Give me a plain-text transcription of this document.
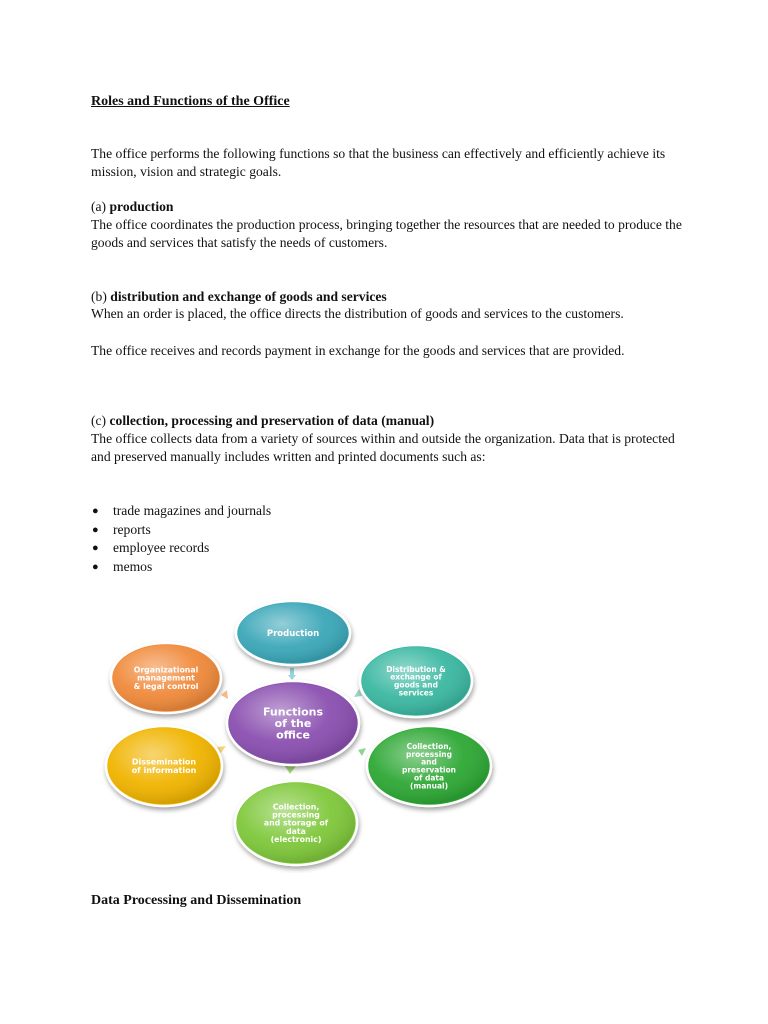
Roles and Functions of the Office
The office performs the following functions so that the business can effectively and efficiently achieve its mission, vision and strategic goals.
(a) production
The office coordinates the production process, bringing together the resources that are needed to produce the goods and services that satisfy the needs of customers.
(b) distribution and exchange of goods and services
When an order is placed, the office directs the distribution of goods and services to the customers.
The office receives and records payment in exchange for the goods and services that are provided.
(c) collection, processing and preservation of data (manual)
The office collects data from a variety of sources within and outside the organization. Data that is protected and preserved manually includes written and printed documents such as:
● trade magazines and journals
● reports
● employee records
● memos
Production
Distribution &
exchange of
goods and
services
Collection,
processing
and
preservation
of data
(manual)
Collection,
processing
and storage of
data
(electronic)
Dissemination
of information
Organizational
management
& legal control
Functions
of the
office
Data Processing and Dissemination
